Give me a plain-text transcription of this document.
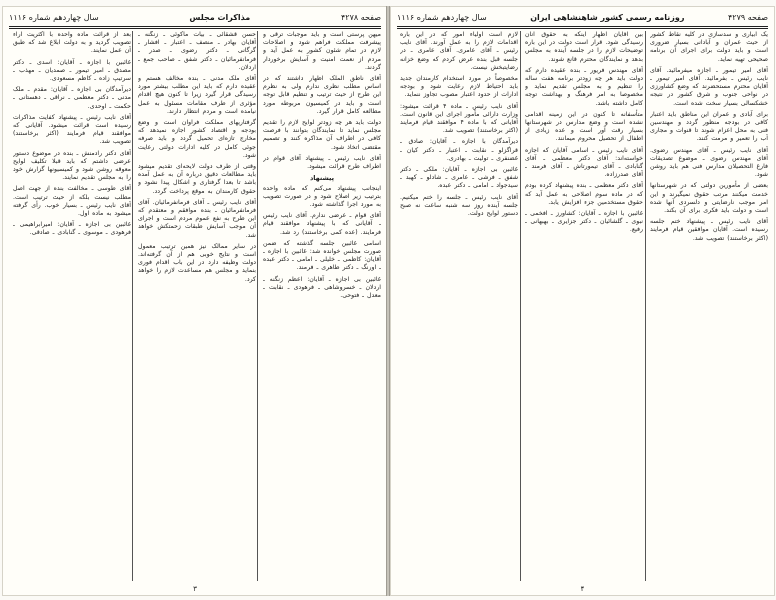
صفحه ۴۲۷۸
مذاکرات مجلس
سال چهاردهم شماره ۱۱۱۶
میهن پرستی است و باید موجبات ترقی و پیشرفت مملکت فراهم شود و اصلاحات لازم در تمام شئون کشور به عمل آید و مردم از نعمت امنیت و آسایش برخوردار گردند.
آقای ناطق الملک اظهار داشتند که در اساس مطلب نظری ندارم ولی به نظرم این طرح از حیث ترتیب و تنظیم قابل توجه است و باید در کمیسیون مربوطه مورد مطالعه کامل قرار گیرد.
دولت باید هر چه زودتر لوایح لازم را تقدیم مجلس نماید تا نمایندگان بتوانند با فرصت کافی در اطراف آن مذاکره کنند و تصمیم مقتضی اتخاذ شود.
آقای نایب رئیس ـ پیشنهاد آقای قوام در اطراف طرح قرائت میشود.
پیشنهاد
اینجانب پیشنهاد می‌کنم که ماده واحده بترتیب زیر اصلاح شود و در صورت تصویب به مورد اجرا گذاشته شود.
آقای قوام ـ عرضی ندارم. آقای نایب رئیس ـ آقایانی که با پیشنهاد موافقند قیام فرمایند. (عده کمی برخاستند) رد شد.
اسامی غائبین جلسه گذشته که ضمن صورت مجلس خوانده شد: غائبین با اجازه ـ آقایان: کاظمی ـ خلیلی ـ امامی ـ دکتر عبده ـ اورنگ ـ دکتر طاهری ـ فرمند.
غائبین بی اجازه ـ آقایان: اعظم زنگنه ـ اردلان ـ خسروشاهی ـ فرهودی ـ نقابت ـ معدل ـ فتوحی.
حسن قشقائی ـ بیات ماکوئی ـ زنگنه ـ آقایان بهادر ـ منصف ـ اعتبار ـ افشار ـ گرگانی ـ دکتر رضوی ـ صدر ـ فرمانفرمائیان ـ دکتر شفق ـ صاحب جمع ـ اردلان.
آقای ملک مدنی ـ بنده مخالف هستم و عقیده دارم که باید این مطلب بیشتر مورد رسیدگی قرار گیرد زیرا تا کنون هیچ اقدام مؤثری از طرف مقامات مسئول به عمل نیامده است و مردم انتظار دارند.
گرفتاریهای مملکت فراوان است و وضع بودجه و اقتصاد کشور اجازه نمیدهد که مخارج تازه‌ای تحمیل گردد و باید صرفه جوئی کامل در کلیه ادارات دولتی رعایت شود.
وقتی از طرف دولت لایحه‌ای تقدیم میشود باید مطالعات دقیق درباره آن به عمل آمده باشد تا بعدا گرفتاری و اشکال پیدا نشود و حقوق کارمندان به موقع پرداخت گردد.
آقای نایب رئیس ـ آقای فرمانفرمائیان. آقای فرمانفرمائیان ـ بنده موافقم و معتقدم که این طرح به نفع عموم مردم است و اجرای آن موجب آسایش طبقات زحمتکش خواهد شد.
در سایر ممالک نیز همین ترتیب معمول است و نتایج خوبی هم از آن گرفته‌اند. دولت وظیفه دارد در این باب اقدام فوری بنماید و مجلس هم مساعدت لازم را خواهد کرد.
بعد از قرائت ماده واحده با اکثریت آراء تصویب گردید و به دولت ابلاغ شد که طبق آن عمل نمایند.
غائبین با اجازه ـ آقایان: اسدی ـ دکتر مصدق ـ امیر تیمور ـ صمدیان ـ مهذب ـ سرتیپ زاده ـ کاظم مسعودی.
دیرآمدگان بی اجازه ـ آقایان: مقدم ـ ملک مدنی ـ دکتر معظمی ـ نراقی ـ دهستانی ـ حکمت ـ اوحدی.
آقای نایب رئیس ـ پیشنهاد کفایت مذاکرات رسیده است قرائت میشود. آقایانی که موافقند قیام فرمایند (اکثر برخاستند) تصویب شد.
آقای دکتر رادمنش ـ بنده در موضوع دستور عرضی داشتم که باید قبلا تکلیف لوایح معوقه روشن شود و کمیسیونها گزارش خود را به مجلس تقدیم نمایند.
آقای طوسی ـ مخالفت بنده از جهت اصل مطلب نیست بلکه از حیث ترتیب است. آقای نایب رئیس ـ بسیار خوب. رأی گرفته میشود به ماده اول.
غائبین بی اجازه ـ آقایان: امیرابراهیمی ـ فرهودی ـ موسوی ـ گنابادی ـ صادقی.
۳
صفحه ۴۲۷۹
روزنامه رسمی کشور شاهنشاهی ایران
سال چهاردهم شماره ۱۱۱۶
یک آبیاری و سدسازی در کلیه نقاط کشور از حیث عمران و آبادانی بسیار ضروری است و باید دولت برای اجرای آن برنامه صحیحی تهیه نماید.
آقای امیر تیمور ـ اجازه میفرمائید. آقای نایب رئیس ـ بفرمائید. آقای امیر تیمور ـ آقایان محترم مستحضرند که وضع کشاورزی در نواحی جنوب و شرق کشور در نتیجه خشکسالی بسیار سخت شده است.
برای آبادی و عمران این مناطق باید اعتبار کافی در بودجه منظور گردد و مهندسین فنی به محل اعزام شوند تا قنوات و مجاری آب را تعمیر و مرمت کنند.
آقای نایب رئیس ـ آقای مهندس رضوی. آقای مهندس رضوی ـ موضوع تصدیقات فارغ التحصیلان مدارس فنی هم باید روشن شود.
بعضی از مأمورین دولتی که در شهرستانها خدمت میکنند مرتب حقوق نمیگیرند و این امر موجب نارضایتی و دلسردی آنها شده است و دولت باید فکری برای آن بکند.
آقای نایب رئیس ـ پیشنهاد ختم جلسه رسیده است. آقایان موافقین قیام فرمایند (اکثر برخاستند) تصویب شد.
بین آقایان اظهار اینکه به حقوق آنان رسیدگی شود. قرار است دولت در این باره توضیحات لازم را در جلسه آینده به مجلس بدهد و نمایندگان محترم قانع شوند.
آقای مهندس فریور ـ بنده عقیده دارم که دولت باید هر چه زودتر برنامه هفت ساله را تنظیم و به مجلس تقدیم نماید و مخصوصا به امر فرهنگ و بهداشت توجه کامل داشته باشد.
متأسفانه تا کنون در این زمینه اقدامی نشده است و وضع مدارس در شهرستانها بسیار رقت آور است و عده زیادی از اطفال از تحصیل محروم میمانند.
آقای نایب رئیس ـ اسامی آقایان که اجازه خواسته‌اند: آقای دکتر معظمی ـ آقای گنابادی ـ آقای تیمورتاش ـ آقای فرمند ـ آقای صدرزاده.
آقای دکتر معظمی ـ بنده پیشنهاد کرده بودم که در ماده سوم اصلاحی به عمل آید که حقوق مستخدمین جزء افزایش یابد.
غائبین با اجازه ـ آقایان: کشاورز ـ افخمی ـ نبوی ـ گلشائیان ـ دکتر جزایری ـ بهبهانی ـ رفیع.
لازم است اولیاء امور که در این باره اقدامات لازم را به عمل آورند. آقای نایب رئیس ـ آقای عامری. آقای عامری ـ در جلسه قبل بنده عرض کردم که وضع خزانه رضایتبخش نیست.
مخصوصاً در مورد استخدام کارمندان جدید باید احتیاط لازم رعایت شود و بودجه ادارات از حدود اعتبار مصوب تجاوز ننماید.
آقای نایب رئیس ـ ماده ۴ قرائت میشود: وزارت دارائی مأمور اجرای این قانون است. آقایانی که با ماده ۴ موافقند قیام فرمایند (اکثر برخاستند) تصویب شد.
دیرآمدگان با اجازه ـ آقایان: صادق ـ قراگزلو ـ نقابت ـ اعتبار ـ دکتر کیان ـ غضنفری ـ تولیت ـ بهادری.
غائبین بی اجازه ـ آقایان: ملکی ـ دکتر شفق ـ فرشی ـ عامری ـ شادلو ـ کهبد ـ سیدجواد ـ امامی ـ دکتر عبده.
آقای نایب رئیس ـ جلسه را ختم میکنیم. جلسه آینده روز سه شنبه ساعت نه صبح دستور لوایح دولت.
۴
